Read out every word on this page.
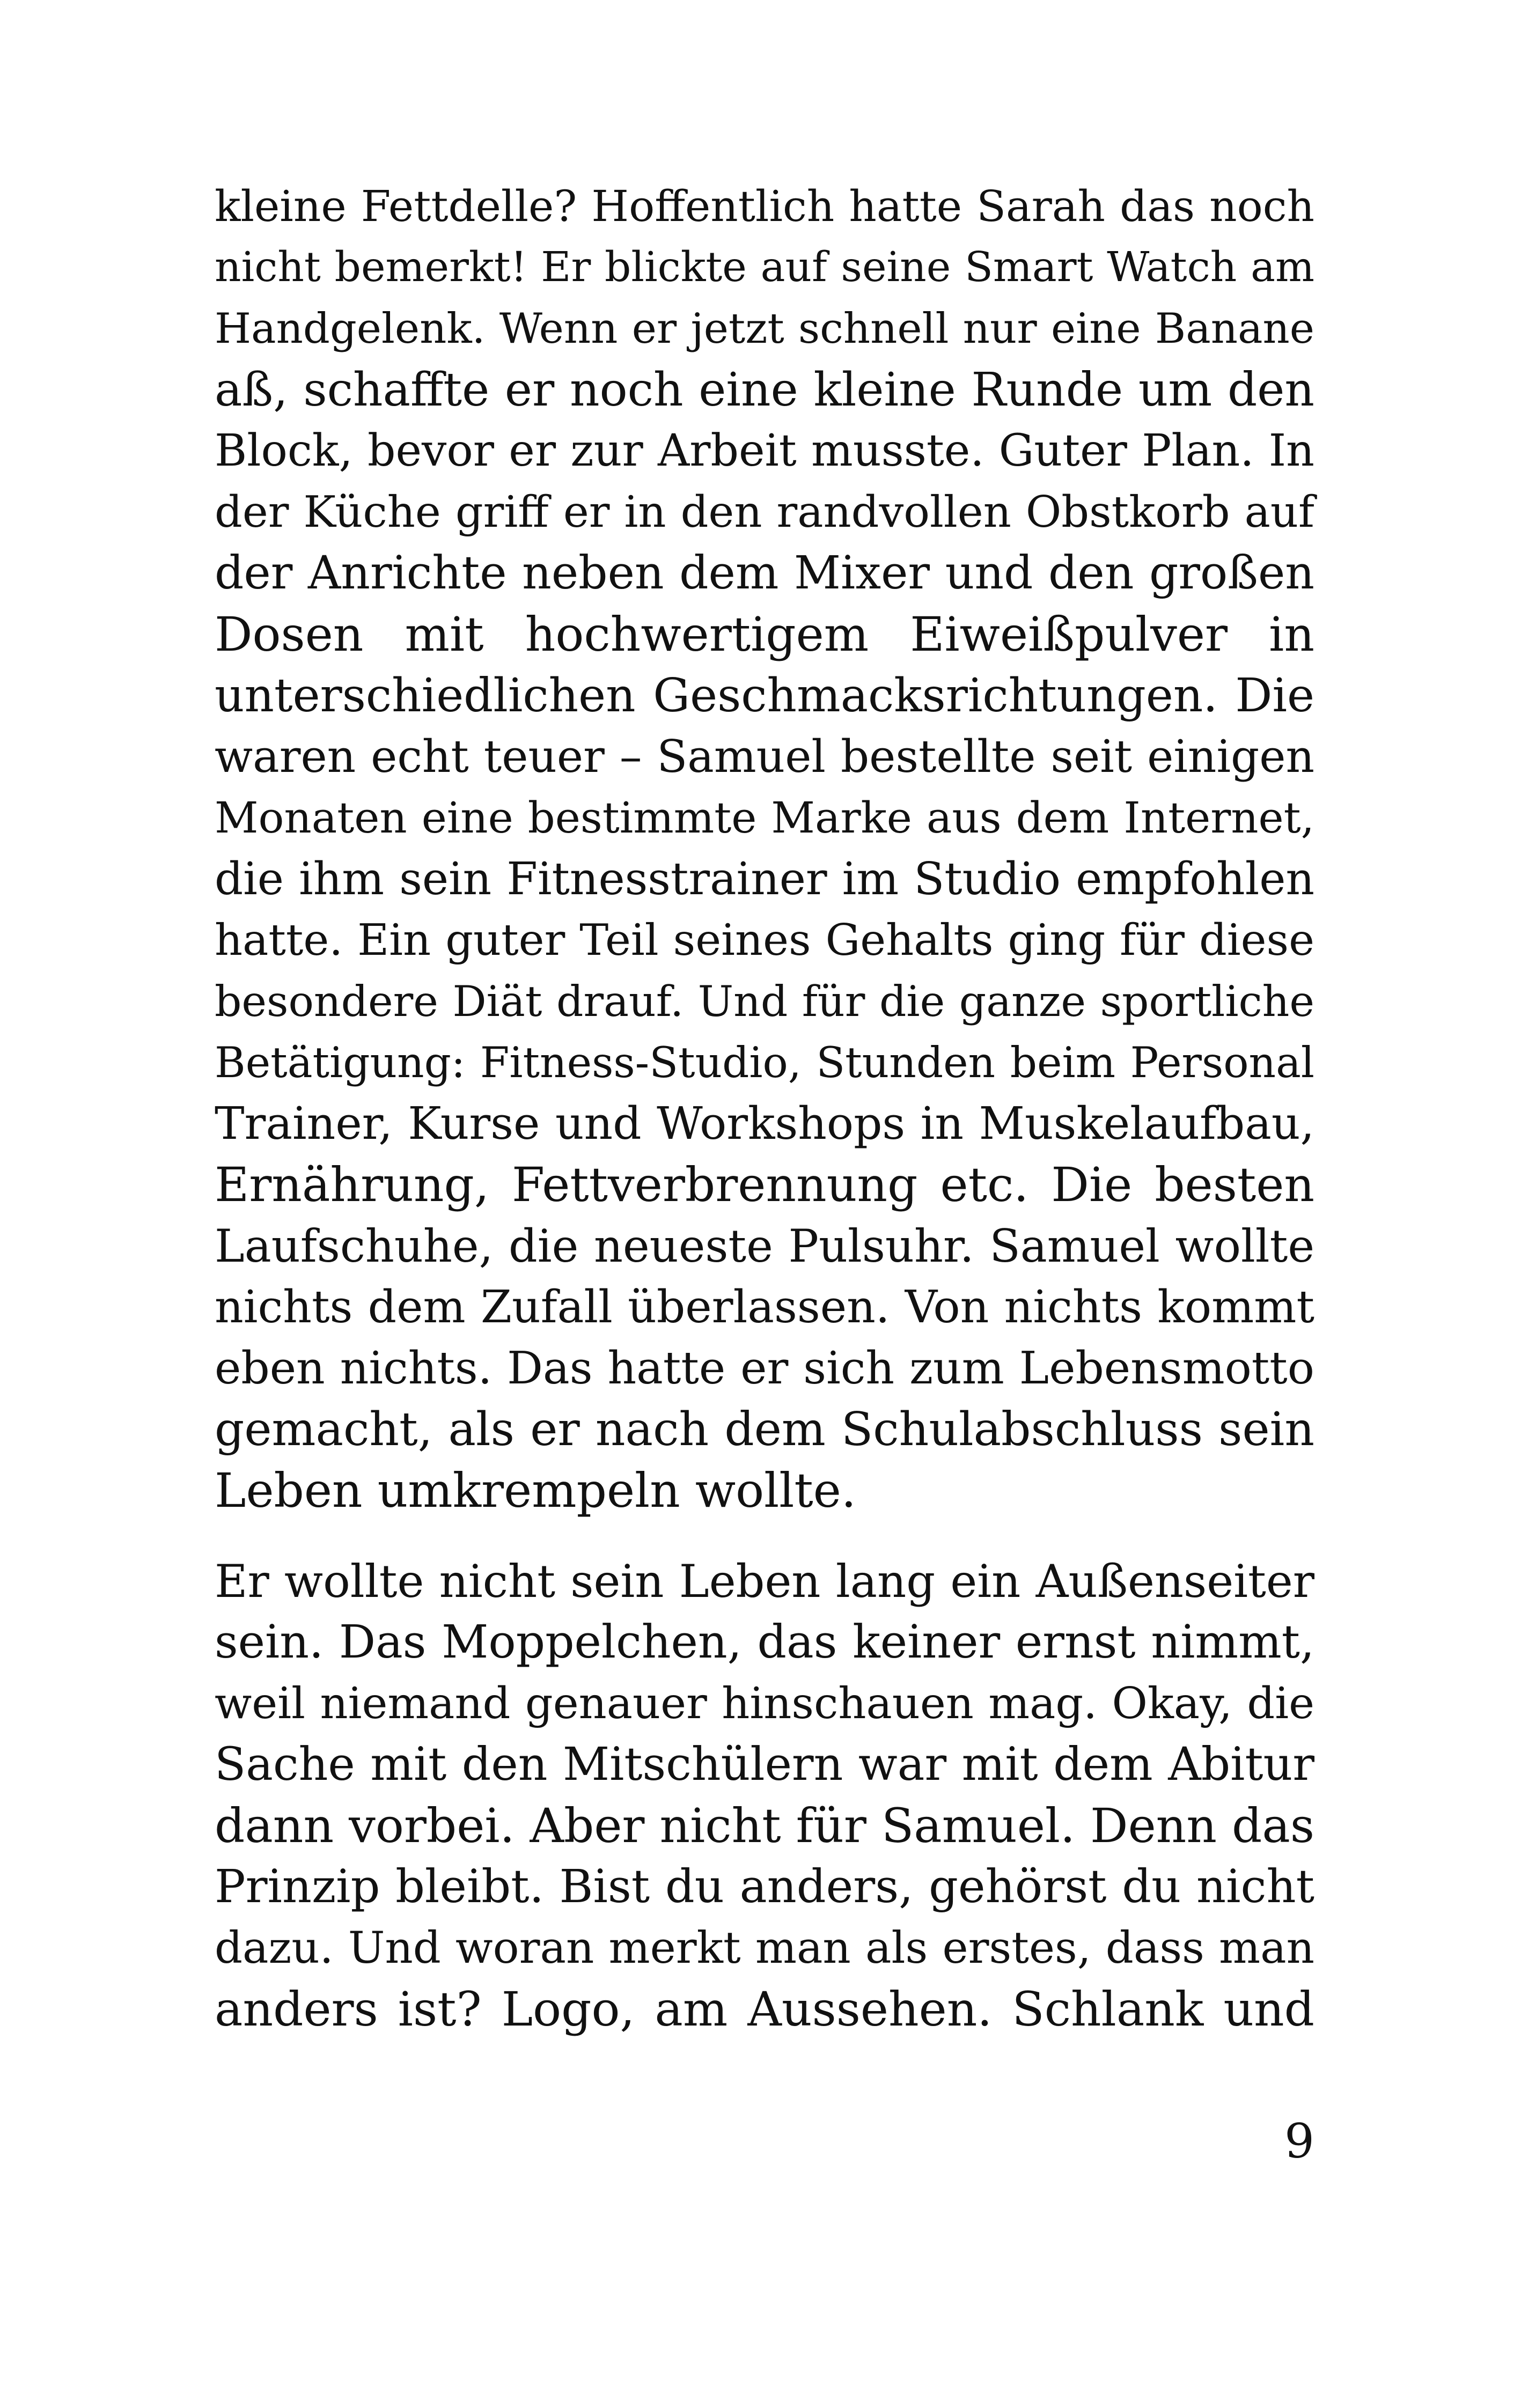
kleine Fettdelle? Hoffentlich hatte Sarah das noch
nicht bemerkt! Er blickte auf seine Smart Watch am
Handgelenk. Wenn er jetzt schnell nur eine Banane
aß, schaffte er noch eine kleine Runde um den
Block, bevor er zur Arbeit musste. Guter Plan. In
der Küche griff er in den randvollen Obstkorb auf
der Anrichte neben dem Mixer und den großen
Dosen mit hochwertigem Eiweißpulver in
unterschiedlichen Geschmacksrichtungen. Die
waren echt teuer – Samuel bestellte seit einigen
Monaten eine bestimmte Marke aus dem Internet,
die ihm sein Fitnesstrainer im Studio empfohlen
hatte. Ein guter Teil seines Gehalts ging für diese
besondere Diät drauf. Und für die ganze sportliche
Betätigung: Fitness-Studio, Stunden beim Personal
Trainer, Kurse und Workshops in Muskelaufbau,
Ernährung, Fettverbrennung etc. Die besten
Laufschuhe, die neueste Pulsuhr. Samuel wollte
nichts dem Zufall überlassen. Von nichts kommt
eben nichts. Das hatte er sich zum Lebensmotto
gemacht, als er nach dem Schulabschluss sein
Leben umkrempeln wollte.
Er wollte nicht sein Leben lang ein Außenseiter
sein. Das Moppelchen, das keiner ernst nimmt,
weil niemand genauer hinschauen mag. Okay, die
Sache mit den Mitschülern war mit dem Abitur
dann vorbei. Aber nicht für Samuel. Denn das
Prinzip bleibt. Bist du anders, gehörst du nicht
dazu. Und woran merkt man als erstes, dass man
anders ist? Logo, am Aussehen. Schlank und
9
